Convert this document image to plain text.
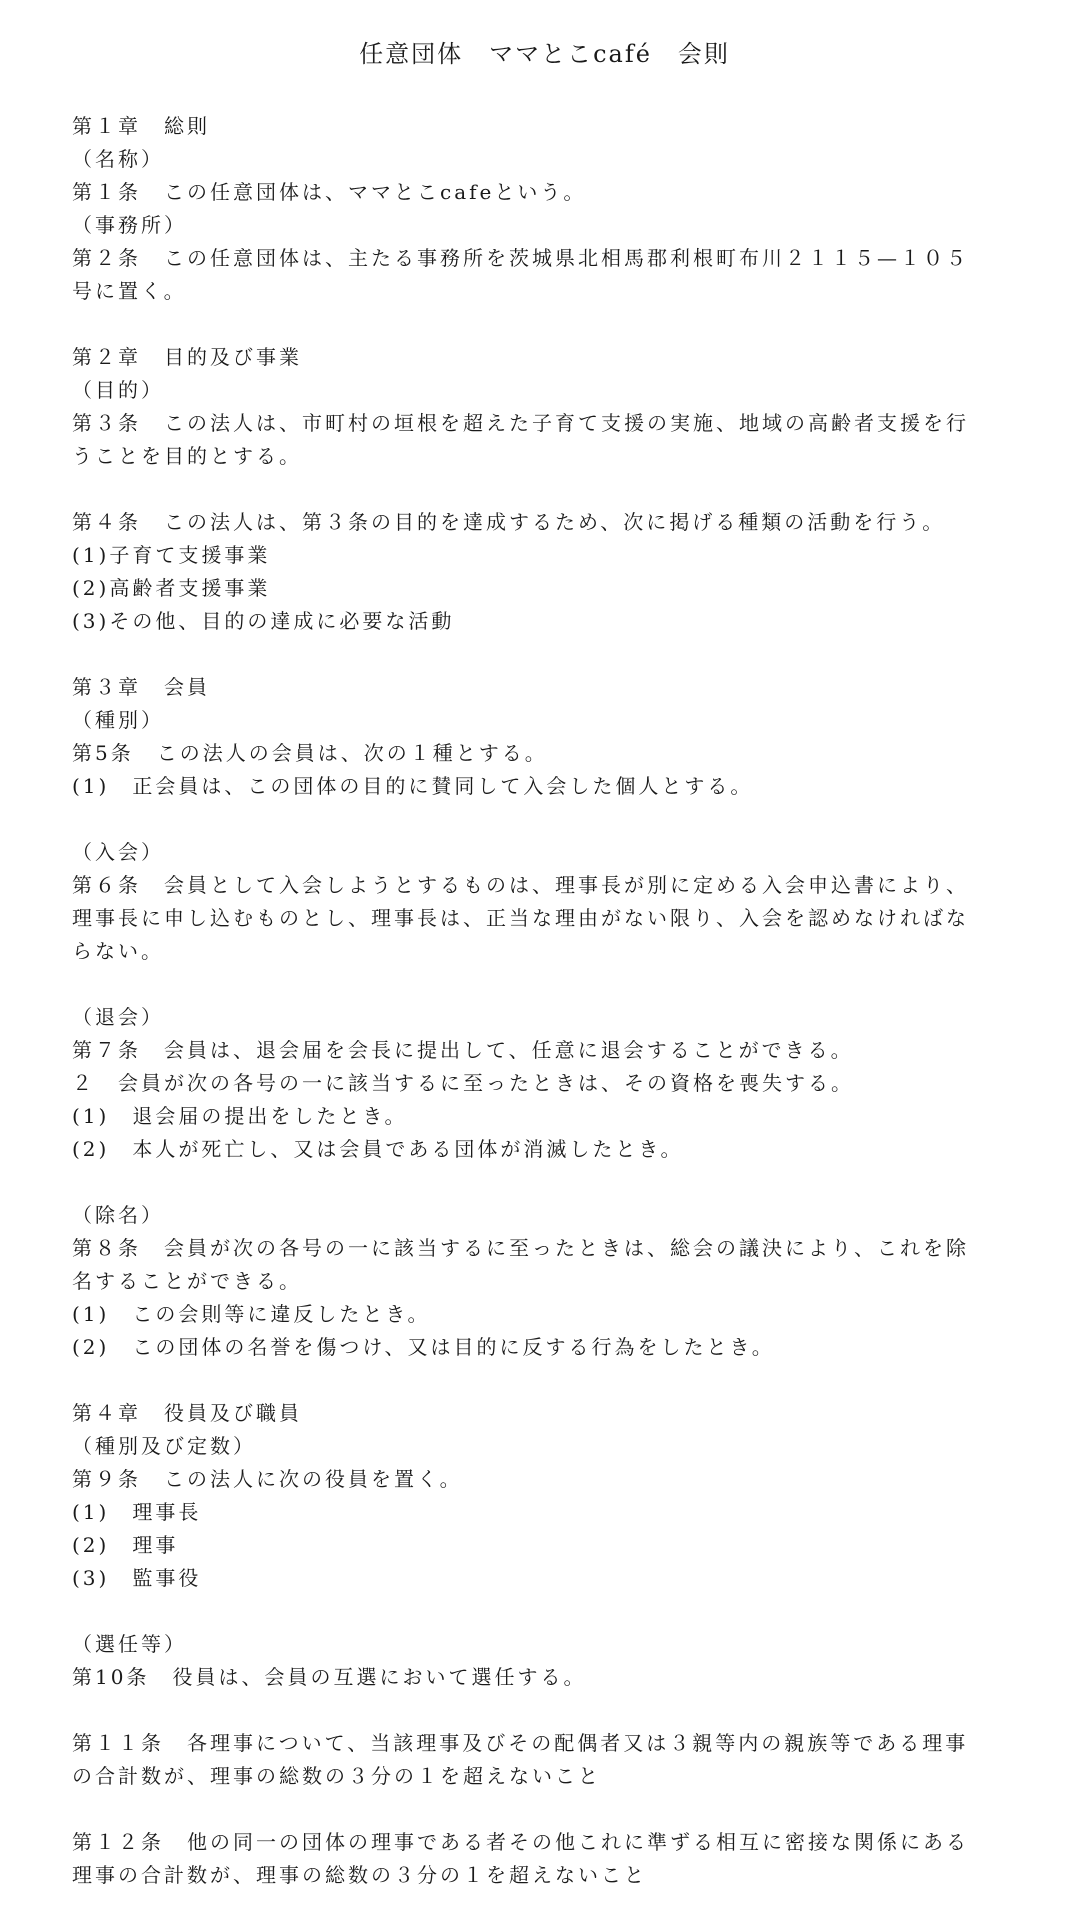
任意団体　ママとこcafé　会則

第１章　総則

（名称）

第１条　この任意団体は、ママとこcafeという。

（事務所）

第２条　この任意団体は、主たる事務所を茨城県北相馬郡利根町布川２１１５—１０５

号に置く。

第２章　目的及び事業

（目的）

第３条　この法人は、市町村の垣根を超えた子育て支援の実施、地域の高齢者支援を行

うことを目的とする。

第４条　この法人は、第３条の目的を達成するため、次に掲げる種類の活動を行う。

(1)子育て支援事業

(2)高齢者支援事業

(3)その他、目的の達成に必要な活動

第３章　会員

（種別）

第5条　この法人の会員は、次の１種とする。

(1)　正会員は、この団体の目的に賛同して入会した個人とする。

（入会）

第６条　会員として入会しようとするものは、理事長が別に定める入会申込書により、

理事長に申し込むものとし、理事長は、正当な理由がない限り、入会を認めなければな

らない。

（退会）

第７条　会員は、退会届を会長に提出して、任意に退会することができる。

２　会員が次の各号の一に該当するに至ったときは、その資格を喪失する。

(1)　退会届の提出をしたとき。

(2)　本人が死亡し、又は会員である団体が消滅したとき。

（除名）

第８条　会員が次の各号の一に該当するに至ったときは、総会の議決により、これを除

名することができる。

(1)　この会則等に違反したとき。

(2)　この団体の名誉を傷つけ、又は目的に反する行為をしたとき。

第４章　役員及び職員

（種別及び定数）

第９条　この法人に次の役員を置く。

(1)　理事長

(2)　理事

(3)　監事役

（選任等）

第10条　役員は、会員の互選において選任する。

第１１条　各理事について、当該理事及びその配偶者又は３親等内の親族等である理事

の合計数が、理事の総数の３分の１を超えないこと

第１２条　他の同一の団体の理事である者その他これに準ずる相互に密接な関係にある

理事の合計数が、理事の総数の３分の１を超えないこと
